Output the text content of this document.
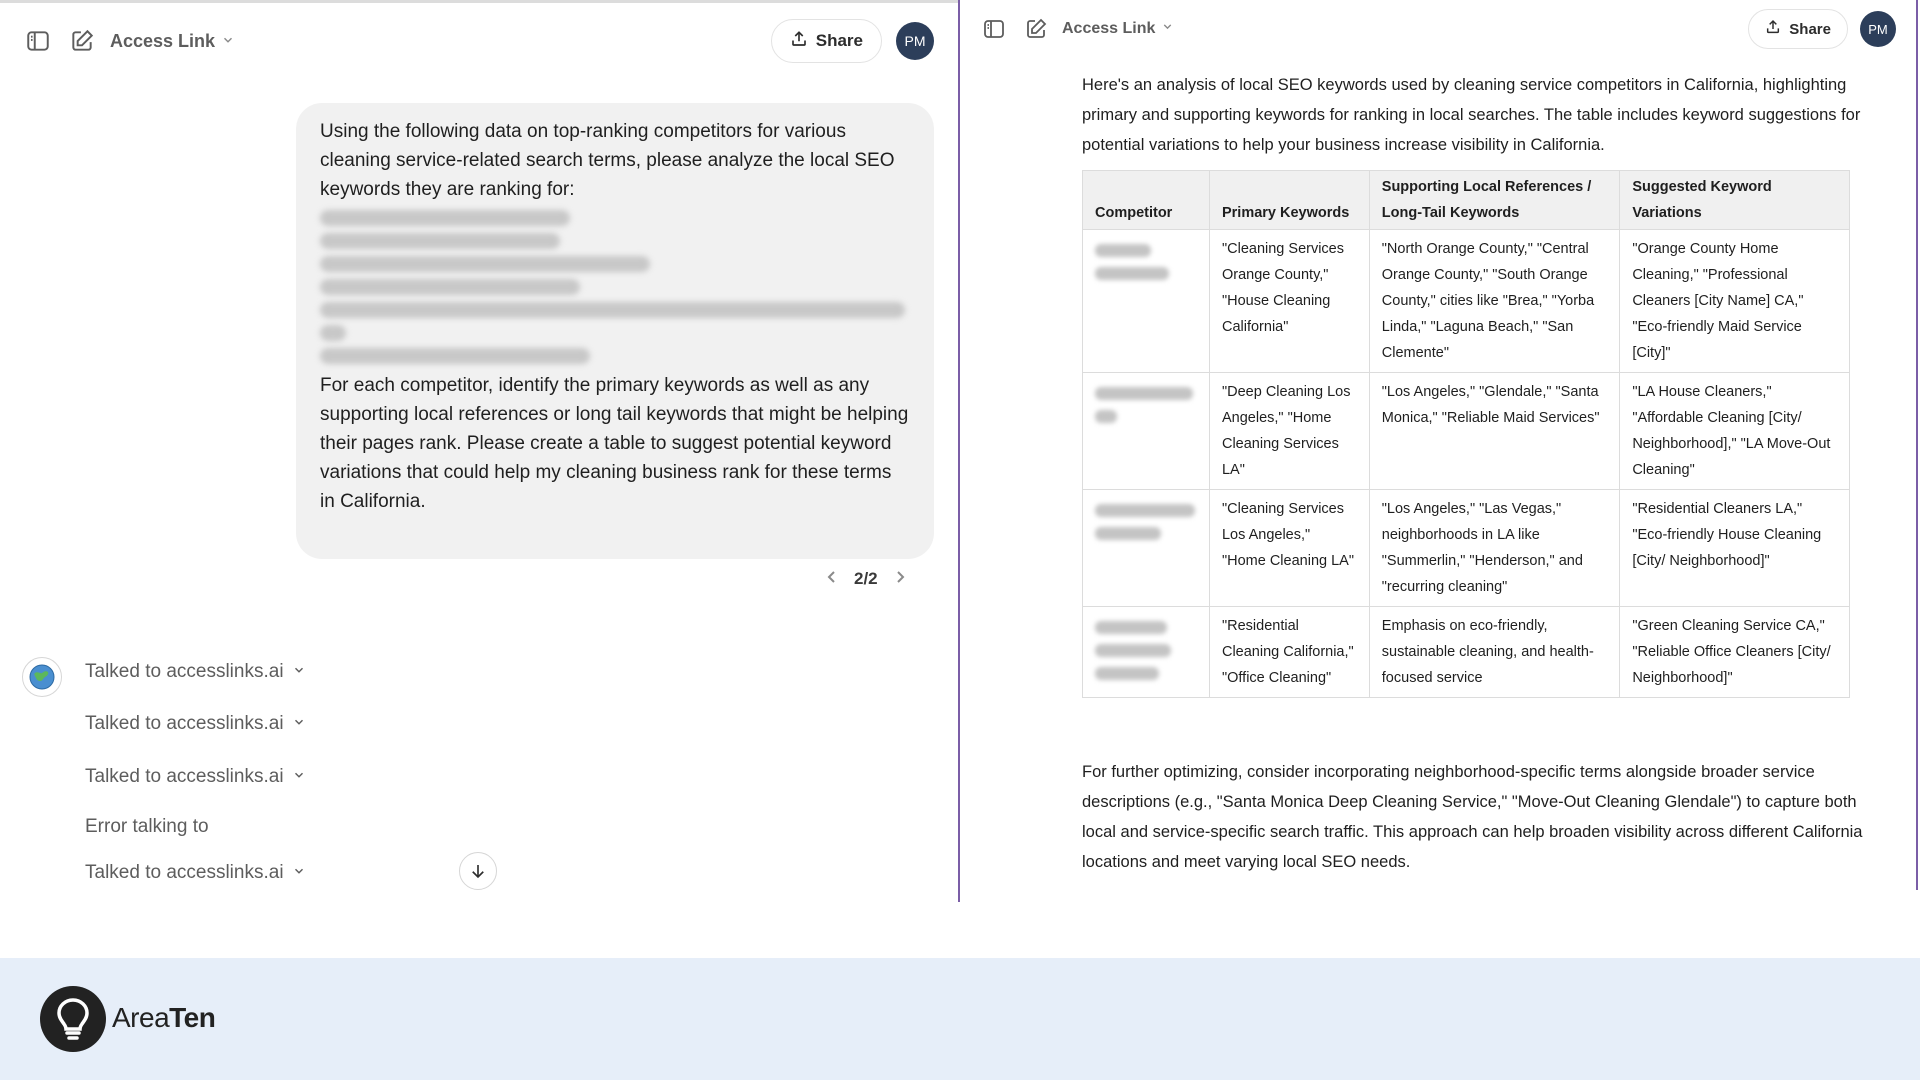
Access Link	Share	PM
Using the following data on top-ranking competitors for various cleaning service-related search terms, please analyze the local SEO keywords they are ranking for:
For each competitor, identify the primary keywords as well as any supporting local references or long tail keywords that might be helping their pages rank. Please create a table to suggest potential keyword variations that could help my cleaning business rank for these terms in California.
2/2
Talked to accesslinks.ai
Talked to accesslinks.ai
Talked to accesslinks.ai
Error talking to
Talked to accesslinks.ai
Access Link	Share	PM
Here's an analysis of local SEO keywords used by cleaning service competitors in California, highlighting primary and supporting keywords for ranking in local searches. The table includes keyword suggestions for potential variations to help your business increase visibility in California.
Competitor	Primary Keywords	Supporting Local References / Long-Tail Keywords	Suggested Keyword Variations

	"Cleaning Services Orange County," "House Cleaning California"	"North Orange County," "Central Orange County," "South Orange County," cities like "Brea," "Yorba Linda," "Laguna Beach," "San Clemente"	"Orange County Home Cleaning," "Professional Cleaners [City Name] CA," "Eco-friendly Maid Service [City]"

	"Deep Cleaning Los Angeles," "Home Cleaning Services LA"	"Los Angeles," "Glendale," "Santa Monica," "Reliable Maid Services"	"LA House Cleaners," "Affordable Cleaning [City/ Neighborhood]," "LA Move-Out Cleaning"

	"Cleaning Services Los Angeles," "Home Cleaning LA"	"Los Angeles," "Las Vegas," neighborhoods in LA like "Summerlin," "Henderson," and "recurring cleaning"	"Residential Cleaners LA," "Eco-friendly House Cleaning [City/ Neighborhood]"

	"Residential Cleaning California," "Office Cleaning"	Emphasis on eco-friendly, sustainable cleaning, and health-focused service	"Green Cleaning Service CA," "Reliable Office Cleaners [City/ Neighborhood]"
For further optimizing, consider incorporating neighborhood-specific terms alongside broader service descriptions (e.g., "Santa Monica Deep Cleaning Service," "Move-Out Cleaning Glendale") to capture both local and service-specific search traffic. This approach can help broaden visibility across different California locations and meet varying local SEO needs.
AreaTen
